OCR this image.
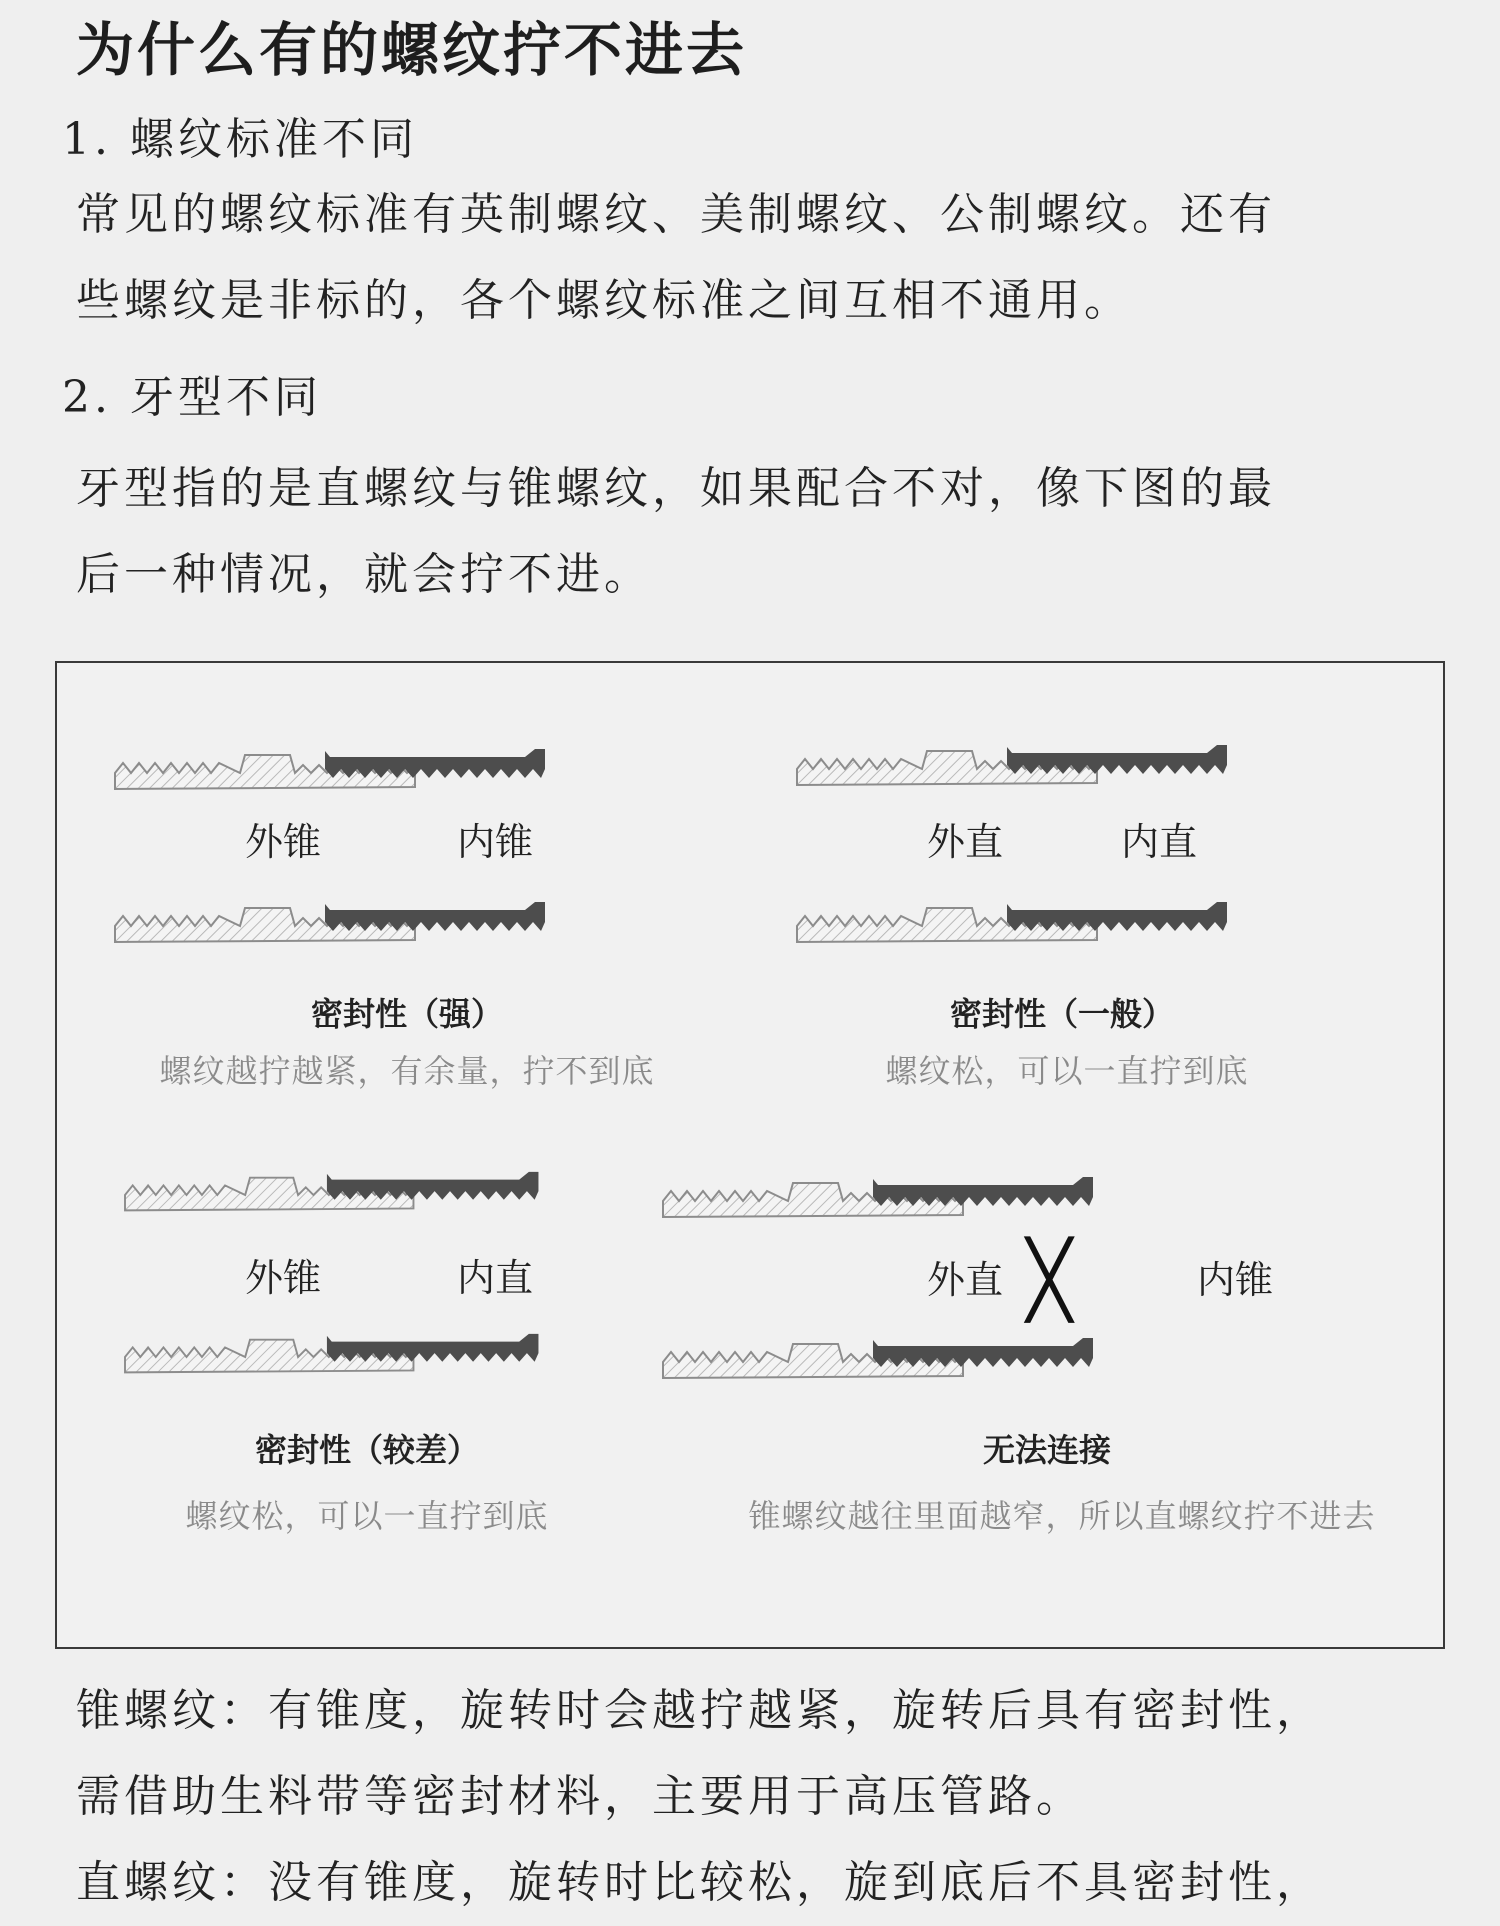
为什么有的螺纹拧不进去
1. 螺纹标准不同
常见的螺纹标准有英制螺纹、美制螺纹、公制螺纹。还有
些螺纹是非标的，各个螺纹标准之间互相不通用。
2. 牙型不同
牙型指的是直螺纹与锥螺纹，如果配合不对，像下图的最
后一种情况，就会拧不进。
外锥	内锥
密封性（强）
螺纹越拧越紧，有余量，拧不到底
外直	内直
密封性（一般）
螺纹松，可以一直拧到底
外锥	内直
密封性（较差）
螺纹松，可以一直拧到底
外直 ╳	内锥
无法连接
锥螺纹越往里面越窄，所以直螺纹拧不进去
锥螺纹：有锥度，旋转时会越拧越紧，旋转后具有密封性，
需借助生料带等密封材料，主要用于高压管路。
直螺纹：没有锥度，旋转时比较松，旋到底后不具密封性，
